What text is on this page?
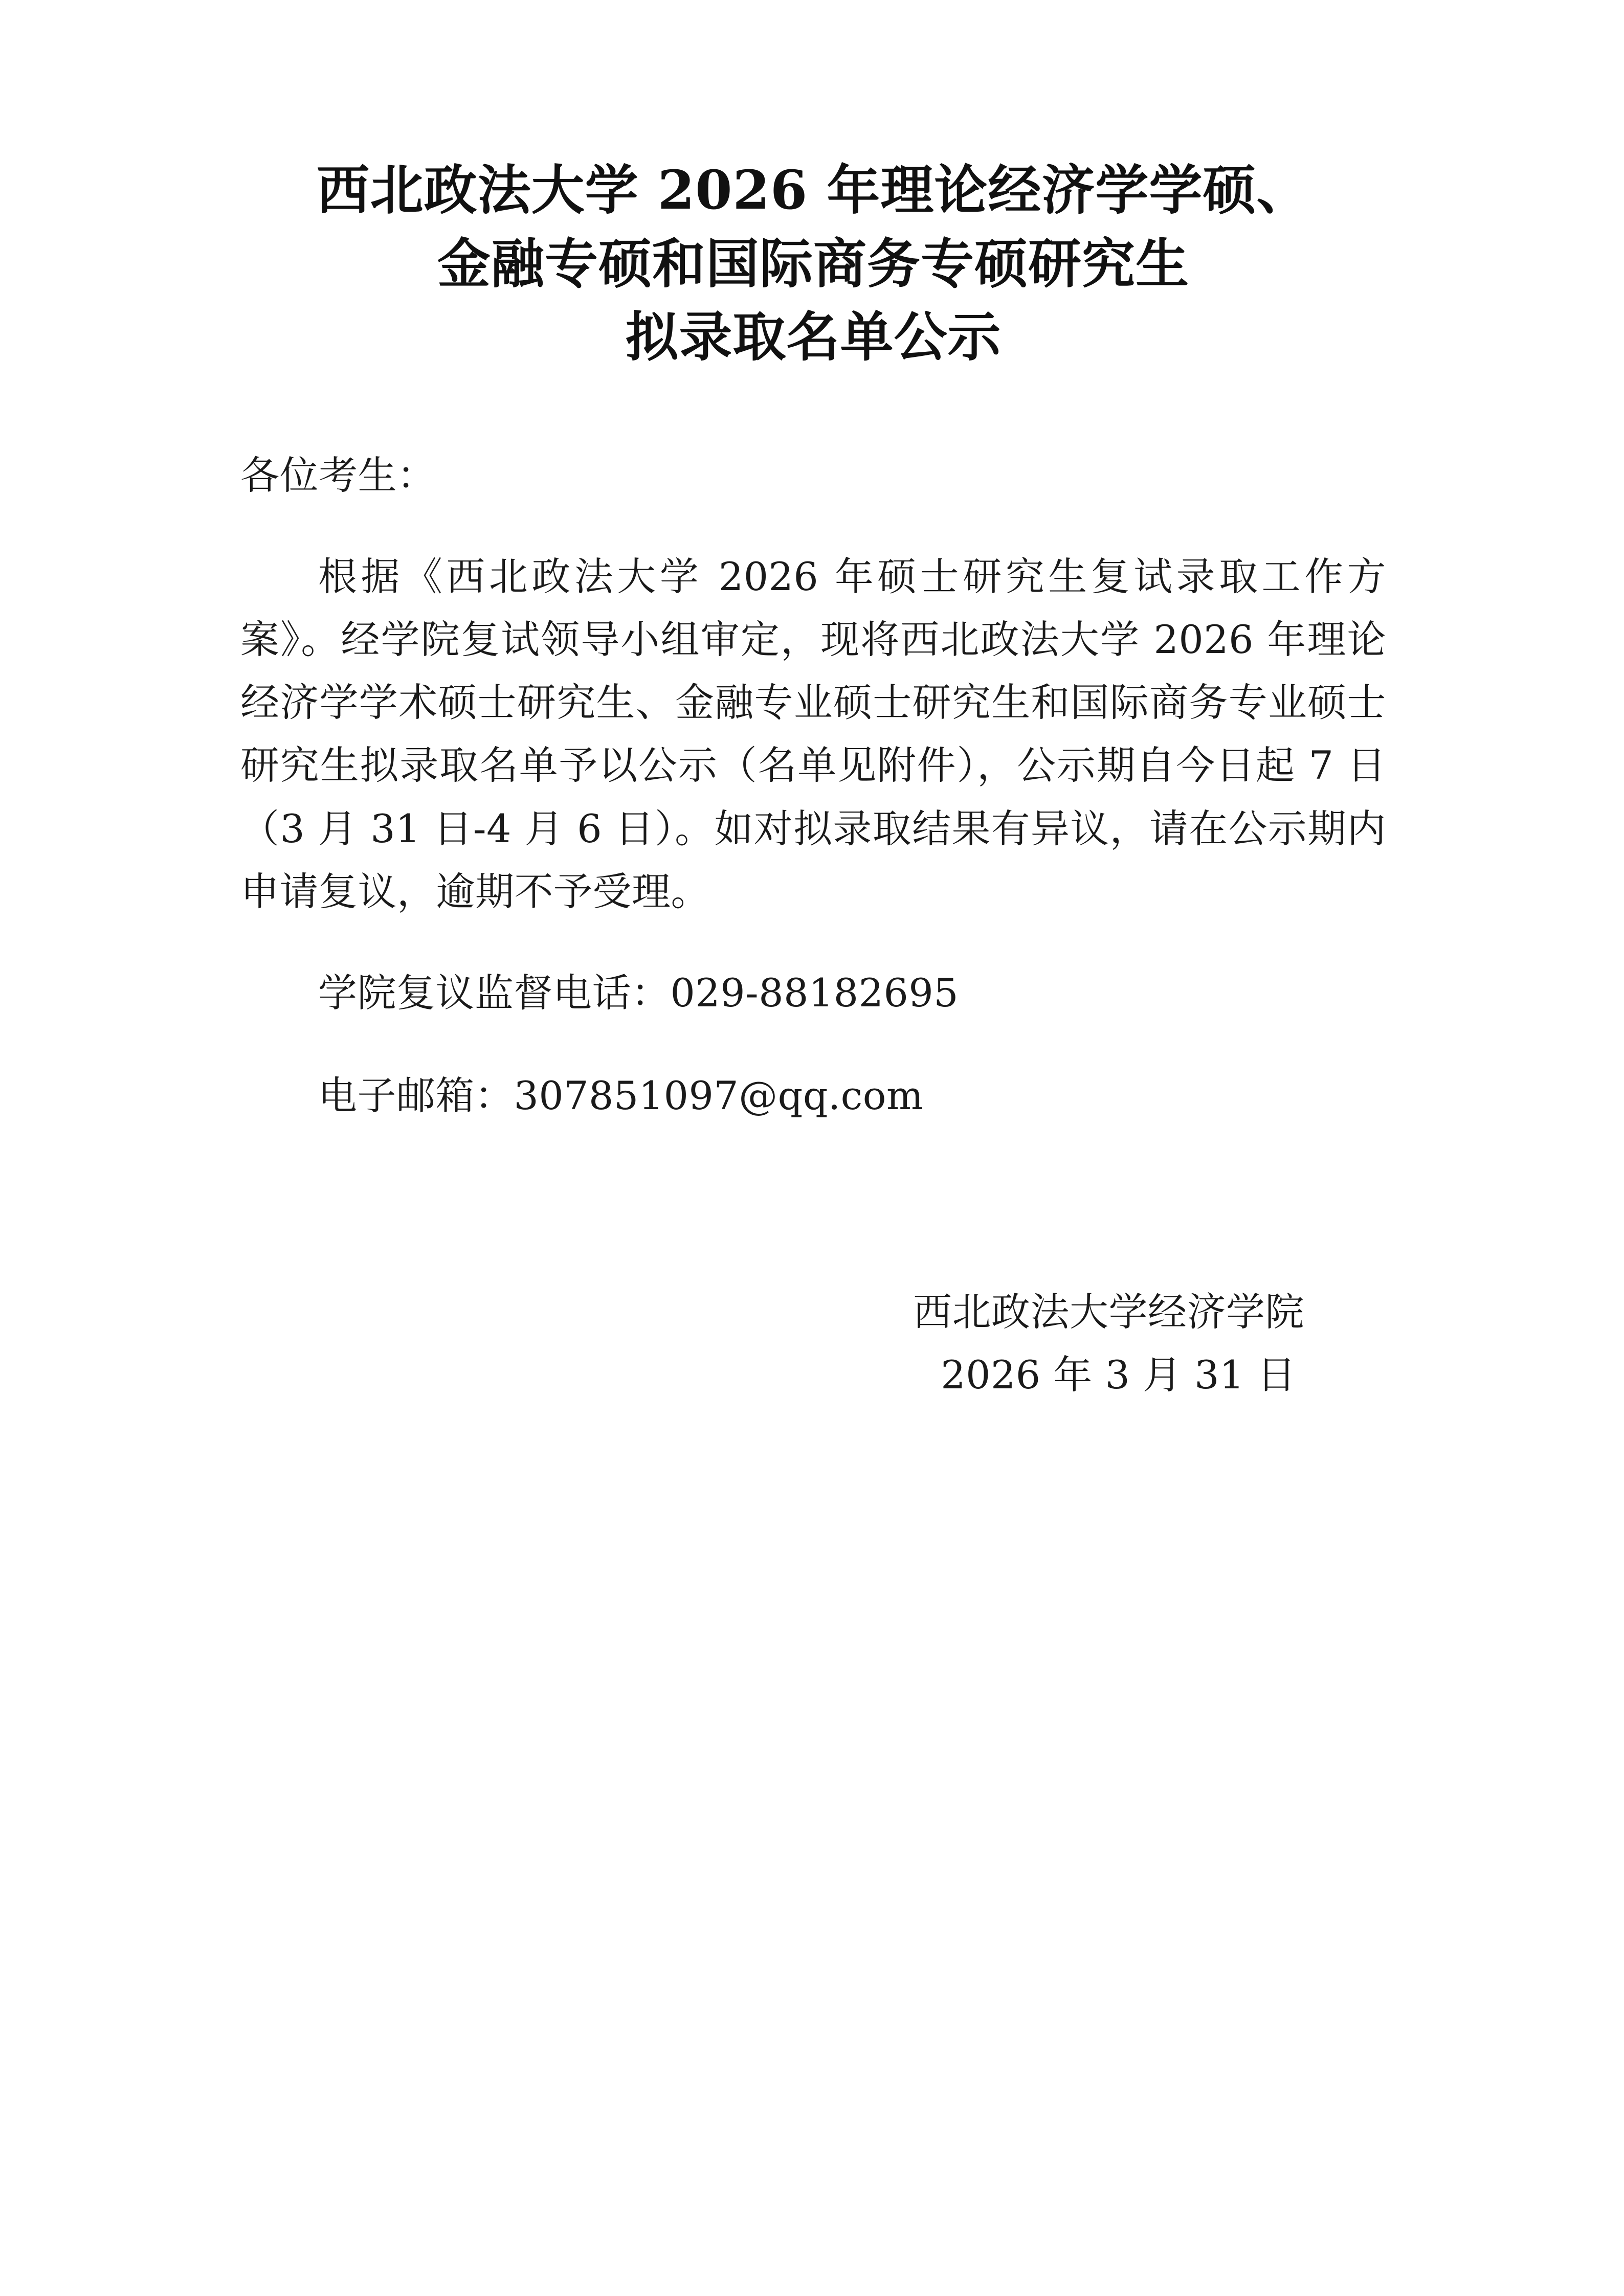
西北政法大学 2026 年理论经济学学硕、
金融专硕和国际商务专硕研究生
拟录取名单公示

各位考生：

根据《西北政法大学 2026 年硕士研究生复试录取工作方案》。经学院复试领导小组审定，现将西北政法大学 2026 年理论经济学学术硕士研究生、金融专业硕士研究生和国际商务专业硕士研究生拟录取名单予以公示（名单见附件），公示期自今日起 7 日（3 月 31 日-4 月 6 日）。如对拟录取结果有异议，请在公示期内申请复议，逾期不予受理。

学院复议监督电话：029-88182695

电子邮箱：307851097@qq.com

西北政法大学经济学院
2026 年 3 月 31 日
